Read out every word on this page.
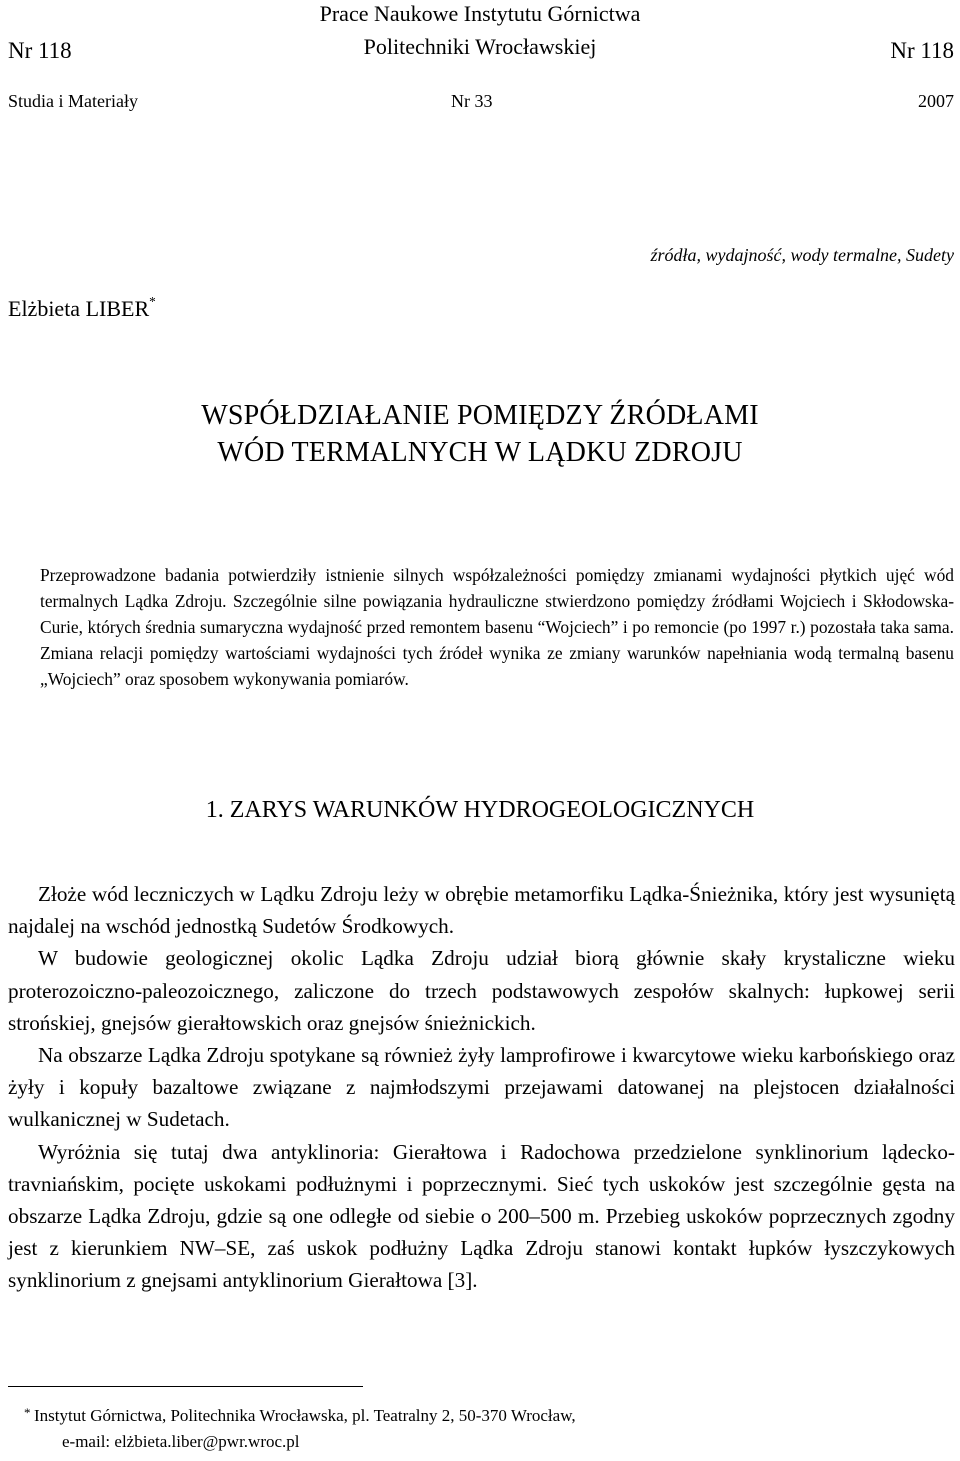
Prace Naukowe Instytutu Górnictwa
Politechniki Wrocławskiej
Nr 118	Nr 118
Studia i Materiały	Nr 33	2007
źródła, wydajność, wody termalne, Sudety
Elżbieta LIBER*
WSPÓŁDZIAŁANIE POMIĘDZY ŹRÓDŁAMI
WÓD TERMALNYCH W LĄDKU ZDROJU
Przeprowadzone badania potwierdziły istnienie silnych współzależności pomiędzy zmianami wydajności płytkich ujęć wód termalnych Lądka Zdroju. Szczególnie silne powiązania hydrauliczne stwierdzono pomiędzy źródłami Wojciech i Skłodowska-Curie, których średnia sumaryczna wydajność przed remontem basenu “Wojciech” i po remoncie (po 1997 r.) pozostała taka sama. Zmiana relacji pomiędzy wartościami wydajności tych źródeł wynika ze zmiany warunków napełniania wodą termalną basenu „Wojciech” oraz sposobem wykonywania pomiarów.
1. ZARYS WARUNKÓW HYDROGEOLOGICZNYCH

Złoże wód leczniczych w Lądku Zdroju leży w obrębie metamorfiku Lądka-Śnieżnika, który jest wysuniętą najdalej na wschód jednostką Sudetów Środkowych.

W budowie geologicznej okolic Lądka Zdroju udział biorą głównie skały krystaliczne wieku proterozoiczno-paleozoicznego, zaliczone do trzech podstawowych zespołów skalnych: łupkowej serii strońskiej, gnejsów gierałtowskich oraz gnejsów śnieżnickich.

Na obszarze Lądka Zdroju spotykane są również żyły lamprofirowe i kwarcytowe wieku karbońskiego oraz żyły i kopuły bazaltowe związane z najmłodszymi przejawami datowanej na plejstocen działalności wulkanicznej w Sudetach.

Wyróżnia się tutaj dwa antyklinoria: Gierałtowa i Radochowa przedzielone synklinorium lądecko-travniańskim, pocięte uskokami podłużnymi i poprzecznymi. Sieć tych uskoków jest szczególnie gęsta na obszarze Lądka Zdroju, gdzie są one odległe od siebie o 200–500 m. Przebieg uskoków poprzecznych zgodny jest z kierunkiem NW–SE, zaś uskok podłużny Lądka Zdroju stanowi kontakt łupków łyszczykowych synklinorium z gnejsami antyklinorium Gierałtowa [3].

* Instytut Górnictwa, Politechnika Wrocławska, pl. Teatralny 2, 50-370 Wrocław,
e-mail: elżbieta.liber@pwr.wroc.pl
